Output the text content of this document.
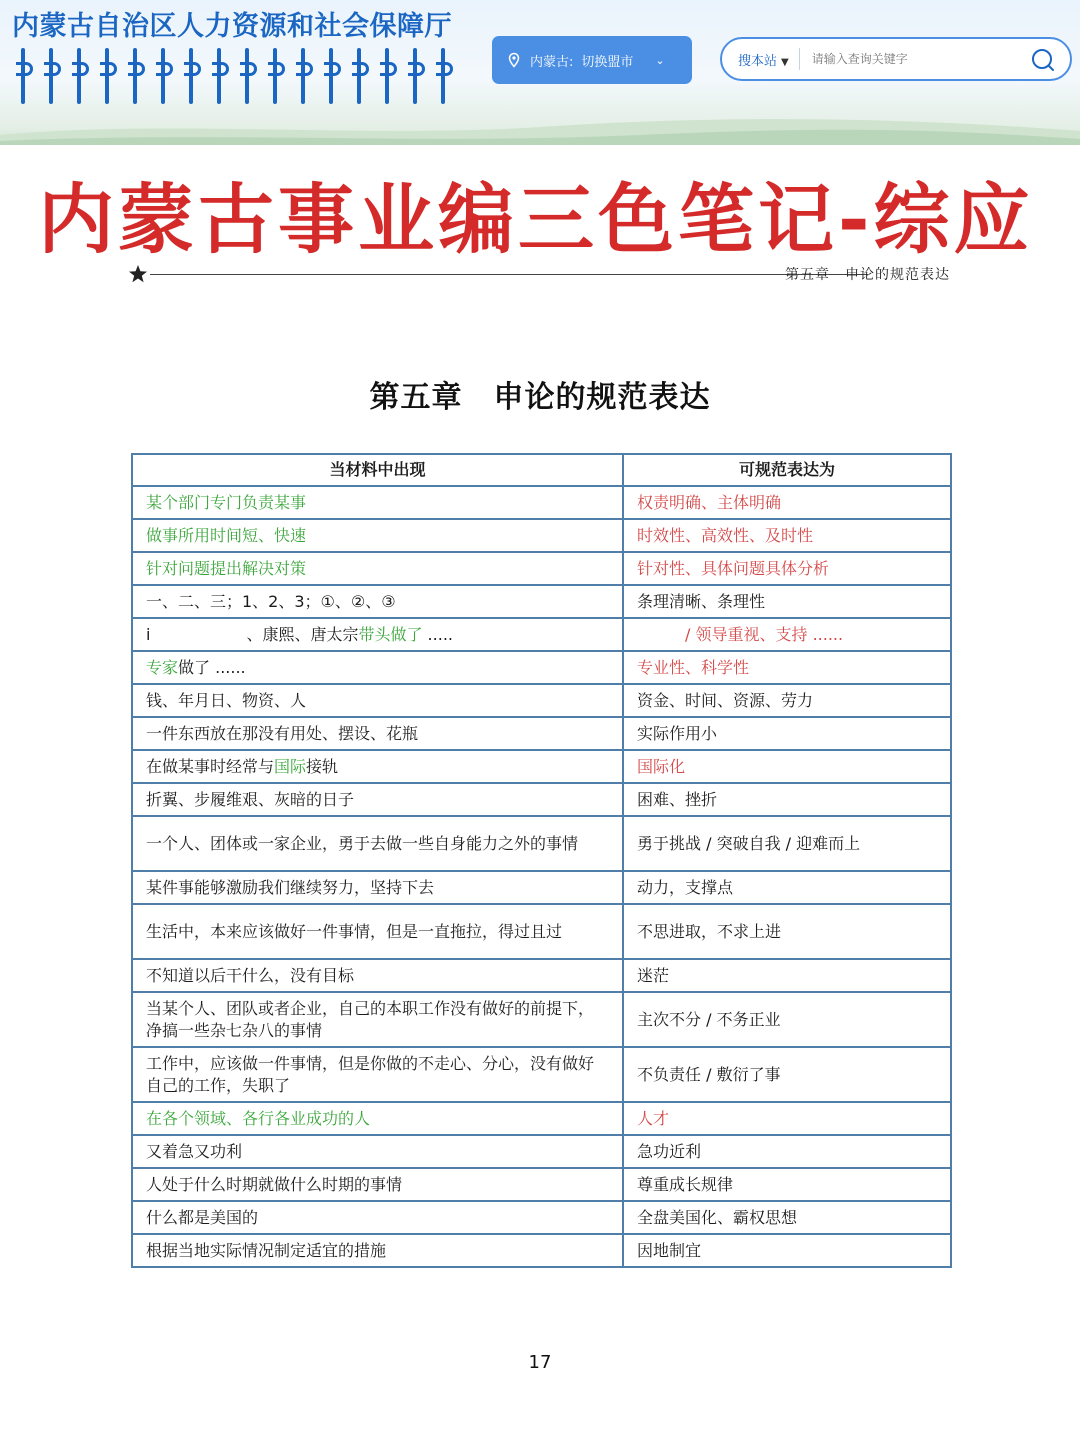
内蒙古自治区人力资源和社会保障厅
内蒙古: 切换盟市 ⌄	搜本站 ▼
请输入查询关键字
内蒙古事业编三色笔记-综应
第五章　申论的规范表达
第五章　申论的规范表达
当材料中出现	可规范表达为
某个部门专门负责某事	权责明确、主体明确
做事所用时间短、快速	时效性、高效性、及时性
针对问题提出解决对策	针对性、具体问题具体分析
一、二、三；1、2、3；①、②、③	条理清晰、条理性
i　　　　　　、康熙、唐太宗带头做了 .....	　　　/ 领导重视、支持 ......
专家做了 ......	专业性、科学性
钱、年月日、物资、人	资金、时间、资源、劳力
一件东西放在那没有用处、摆设、花瓶	实际作用小
在做某事时经常与国际接轨	国际化
折翼、步履维艰、灰暗的日子	困难、挫折
一个人、团体或一家企业，勇于去做一些自身能力之外的事情	勇于挑战 / 突破自我 / 迎难而上
某件事能够激励我们继续努力，坚持下去	动力，支撑点
生活中，本来应该做好一件事情，但是一直拖拉，得过且过	不思进取，不求上进
不知道以后干什么，没有目标	迷茫
当某个人、团队或者企业，自己的本职工作没有做好的前提下，净搞一些杂七杂八的事情	主次不分 / 不务正业
工作中，应该做一件事情，但是你做的不走心、分心，没有做好自己的工作，失职了	不负责任 / 敷衍了事
在各个领域、各行各业成功的人	人才
又着急又功利	急功近利
人处于什么时期就做什么时期的事情	尊重成长规律
什么都是美国的	全盘美国化、霸权思想
根据当地实际情况制定适宜的措施	因地制宜
17
